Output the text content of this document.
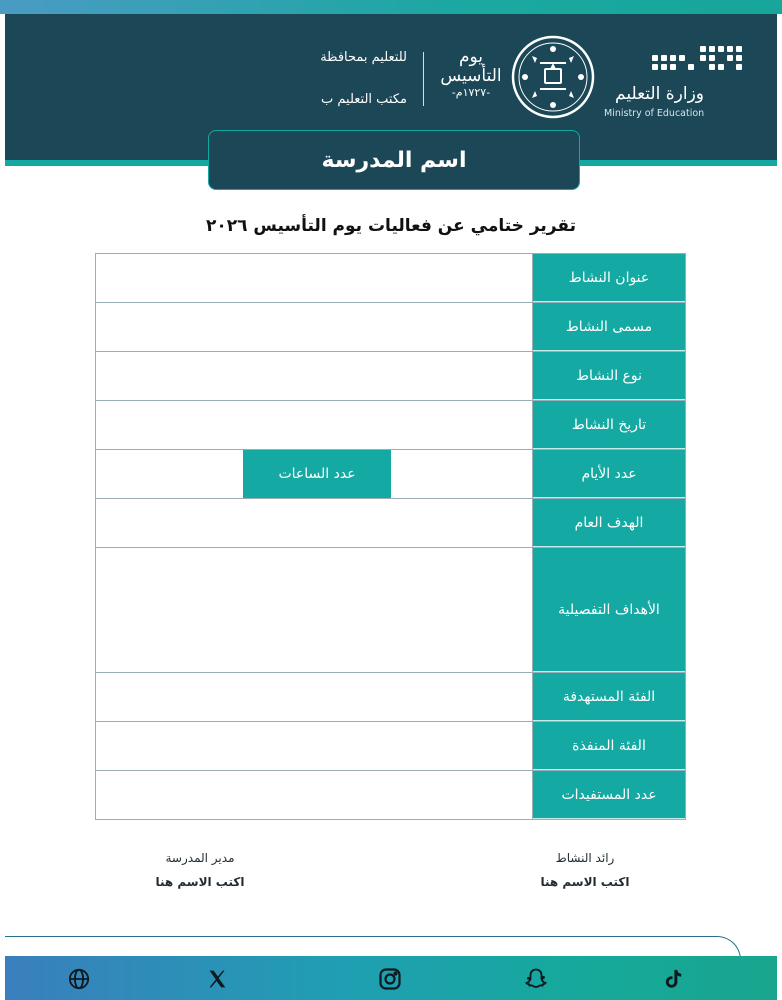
وزارة التعليم
Ministry of Education
يوم
التأسيس
-١٧٢٧م-
للتعليم بمحافظة
مكتب التعليم ب
اسم المدرسة
تقرير ختامي عن فعاليات يوم التأسيس ٢٠٢٦
عنوان النشاط
مسمى النشاط
نوع النشاط
تاريخ النشاط
عدد الأيام
عدد الساعات
الهدف العام
الأهداف التفصيلية
الفئة المستهدفة
الفئة المنفذة
عدد المستفيدات
رائد النشاط
اكتب الاسم هنا
مدير المدرسة
اكتب الاسم هنا
